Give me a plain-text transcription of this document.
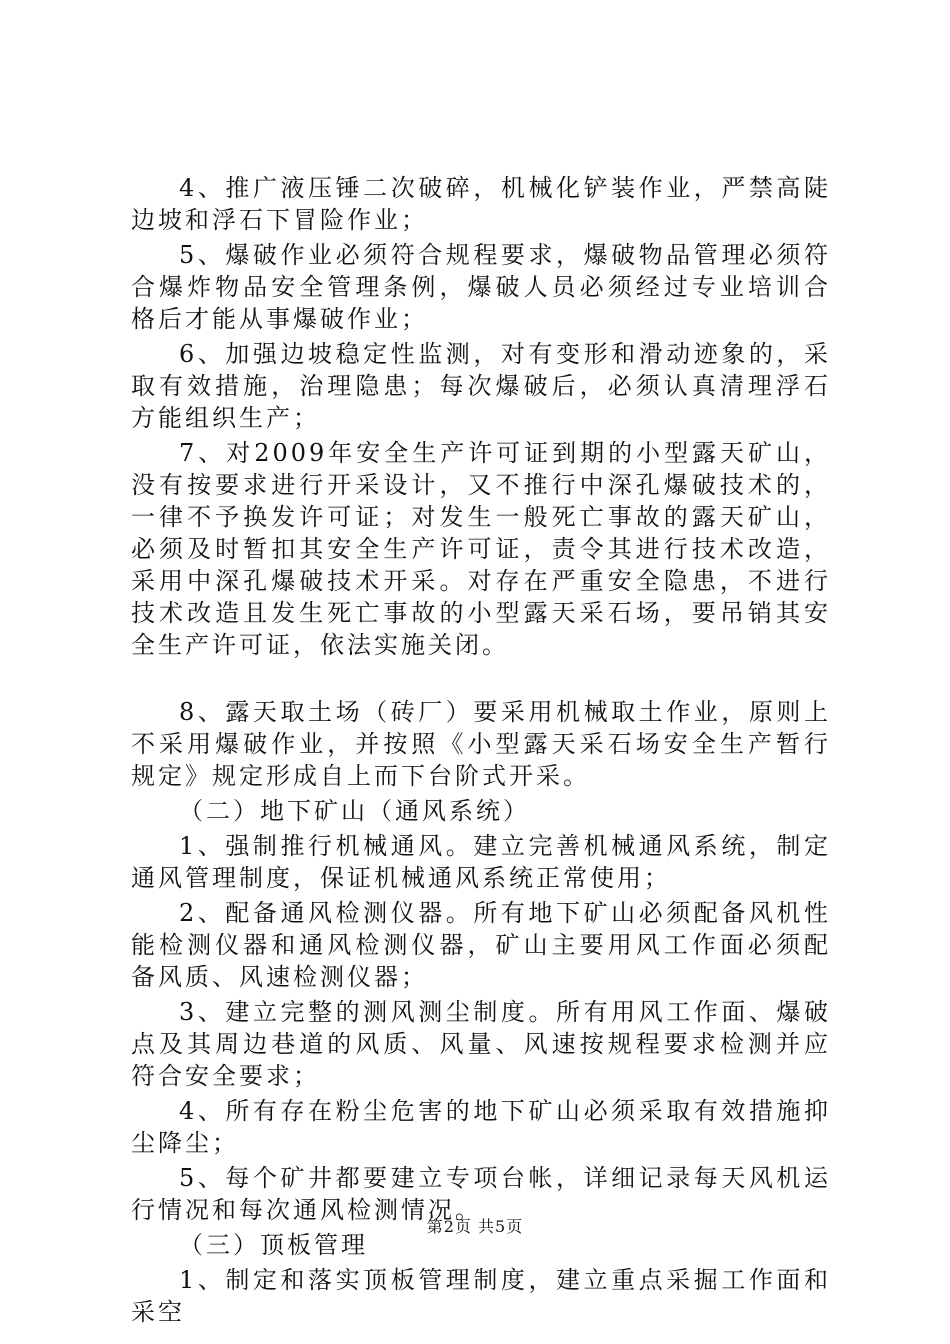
4、推广液压锤二次破碎，机械化铲装作业，严禁高陡边坡和浮石下冒险作业；

5、爆破作业必须符合规程要求，爆破物品管理必须符合爆炸物品安全管理条例，爆破人员必须经过专业培训合格后才能从事爆破作业；

6、加强边坡稳定性监测，对有变形和滑动迹象的，采取有效措施，治理隐患；每次爆破后，必须认真清理浮石方能组织生产；

7、对2009年安全生产许可证到期的小型露天矿山，没有按要求进行开采设计，又不推行中深孔爆破技术的，一律不予换发许可证；对发生一般死亡事故的露天矿山，必须及时暂扣其安全生产许可证，责令其进行技术改造，采用中深孔爆破技术开采。对存在严重安全隐患，不进行技术改造且发生死亡事故的小型露天采石场，要吊销其安全生产许可证，依法实施关闭。

8、露天取土场（砖厂）要采用机械取土作业，原则上不采用爆破作业，并按照《小型露天采石场安全生产暂行规定》规定形成自上而下台阶式开采。

（二）地下矿山（通风系统）

1、强制推行机械通风。建立完善机械通风系统，制定通风管理制度，保证机械通风系统正常使用；

2、配备通风检测仪器。所有地下矿山必须配备风机性能检测仪器和通风检测仪器，矿山主要用风工作面必须配备风质、风速检测仪器；

3、建立完整的测风测尘制度。所有用风工作面、爆破点及其周边巷道的风质、风量、风速按规程要求检测并应符合安全要求；

4、所有存在粉尘危害的地下矿山必须采取有效措施抑尘降尘；

5、每个矿井都要建立专项台帐，详细记录每天风机运行情况和每次通风检测情况。

（三）顶板管理

1、制定和落实顶板管理制度，建立重点采掘工作面和采空

第2页 共5页
